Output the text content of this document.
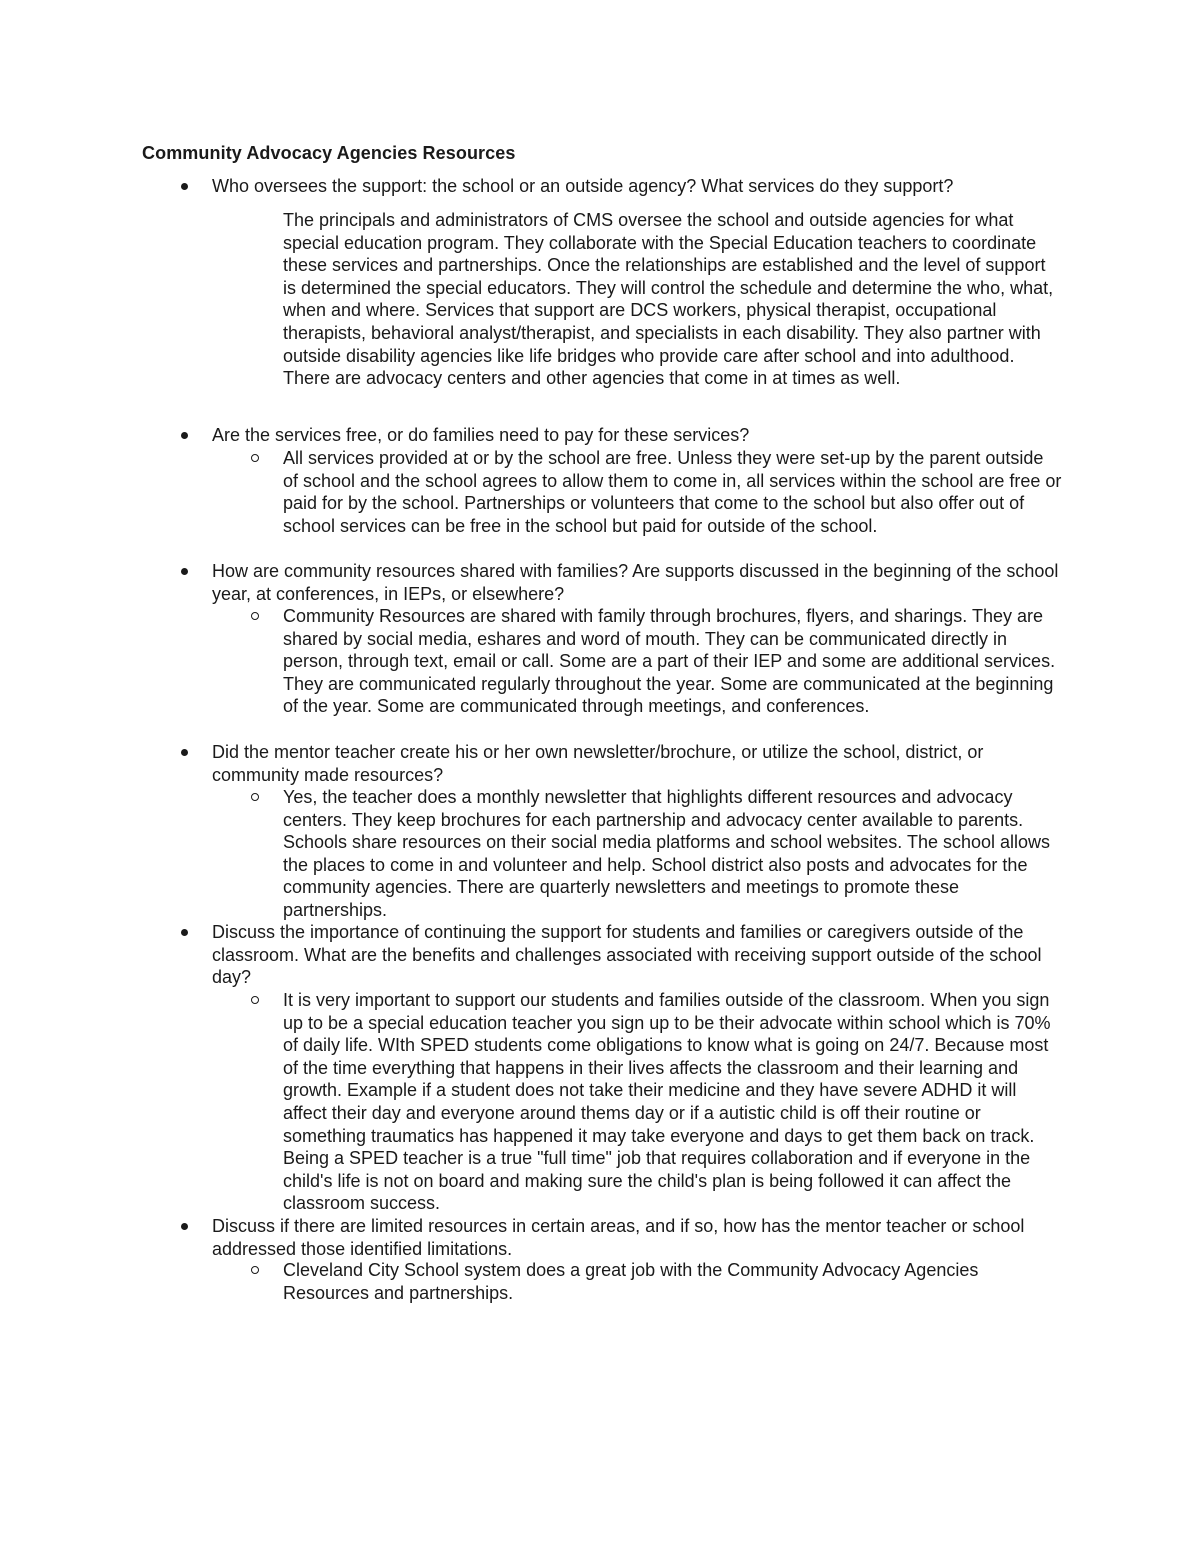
Community Advocacy Agencies Resources
Who oversees the support: the school or an outside agency? What services do they support?
The principals and administrators of CMS oversee the school and outside agencies for what special education program. They collaborate with the Special Education teachers to coordinate these services and partnerships. Once the relationships are established and the level of support is determined the special educators. They will control the schedule and determine the who, what, when and where. Services that support are DCS workers, physical therapist, occupational therapists, behavioral analyst/therapist, and specialists in each disability. They also partner with outside disability agencies like life bridges who provide care after school and into adulthood. There are advocacy centers and other agencies that come in at times as well.
Are the services free, or do families need to pay for these services?
All services provided at or by the school are free. Unless they were set-up by the parent outside of school and the school agrees to allow them to come in, all services within the school are free or paid for by the school. Partnerships or volunteers that come to the school but also offer out of school services can be free in the school but paid for outside of the school.
How are community resources shared with families? Are supports discussed in the beginning of the school year, at conferences, in IEPs, or elsewhere?
Community Resources are shared with family through brochures, flyers, and sharings. They are shared by social media, eshares and word of mouth. They can be communicated directly in person, through text, email or call. Some are a part of their IEP and some are additional services. They are communicated regularly throughout the year. Some are communicated at the beginning of the year. Some are communicated through meetings, and conferences.
Did the mentor teacher create his or her own newsletter/brochure, or utilize the school, district, or community made resources?
Yes, the teacher does a monthly newsletter that highlights different resources and advocacy centers. They keep brochures for each partnership and advocacy center available to parents. Schools share resources on their social media platforms and school websites. The school allows the places to come in and volunteer and help. School district also posts and advocates for the community agencies. There are quarterly newsletters and meetings to promote these partnerships.
Discuss the importance of continuing the support for students and families or caregivers outside of the classroom. What are the benefits and challenges associated with receiving support outside of the school day?
It is very important to support our students and families outside of the classroom. When you sign up to be a special education teacher you sign up to be their advocate within school which is 70% of daily life. WIth SPED students come obligations to know what is going on 24/7. Because most of the time everything that happens in their lives affects the classroom and their learning and growth. Example if a student does not take their medicine and they have severe ADHD it will affect their day and everyone around thems day or if a autistic child is off their routine or something traumatics has happened it may take everyone and days to get them back on track. Being a SPED teacher is a true "full time" job that requires collaboration and if everyone in the child's life is not on board and making sure the child's plan is being followed it can affect the classroom success.
Discuss if there are limited resources in certain areas, and if so, how has the mentor teacher or school addressed those identified limitations.
Cleveland City School system does a great job with the Community Advocacy Agencies Resources and partnerships.
